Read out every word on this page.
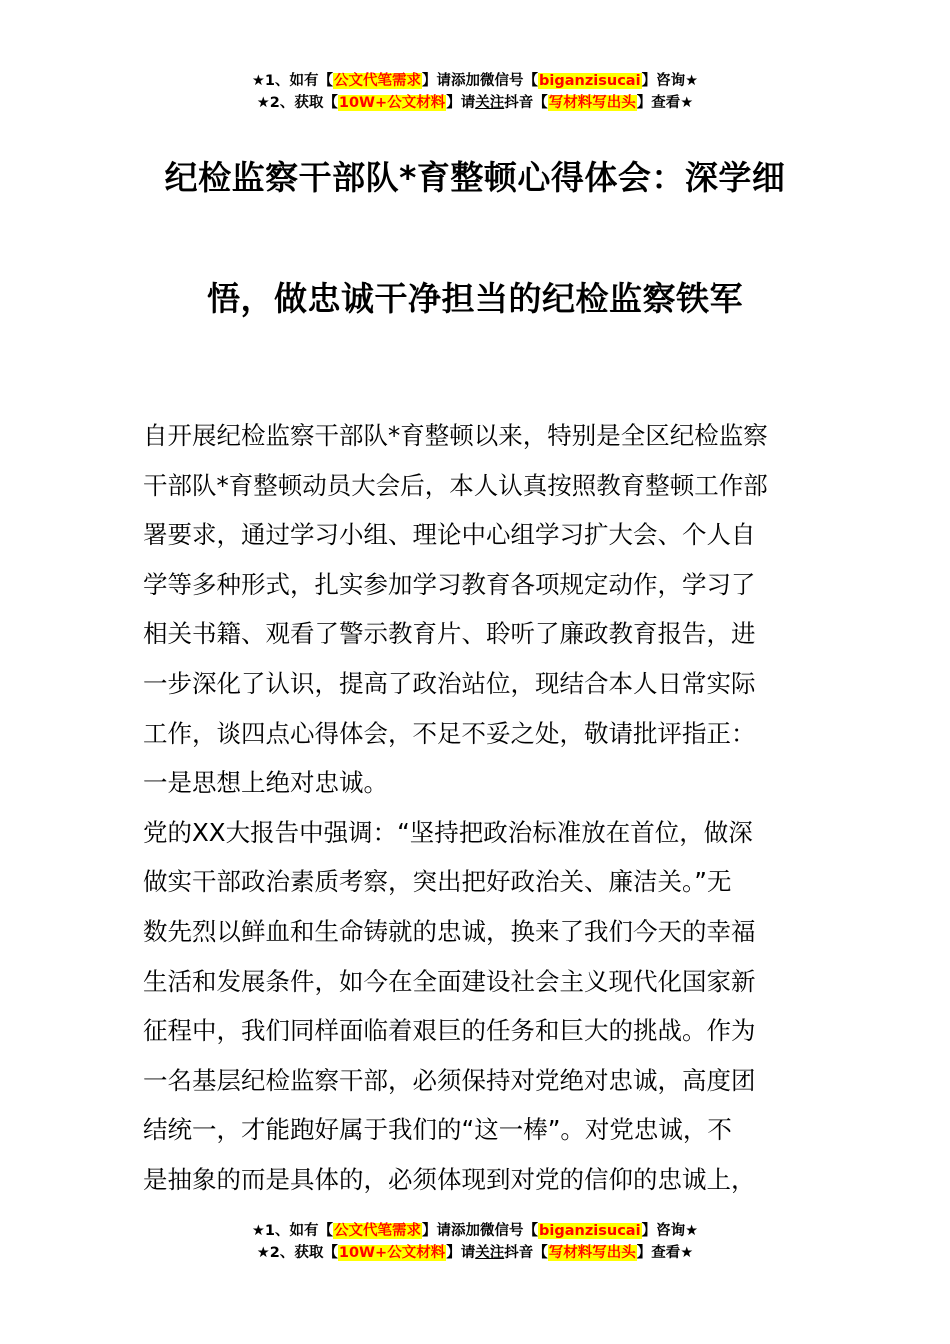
★1、如有【公文代笔需求】请添加微信号【biganzisucai】咨询★
★2、获取【10W+公文材料】请关注抖音【写材料写出头】查看★
纪检监察干部队*育整顿心得体会：深学细
悟，做忠诚干净担当的纪检监察铁军
自开展纪检监察干部队*育整顿以来，特别是全区纪检监察
干部队*育整顿动员大会后，本人认真按照教育整顿工作部
署要求，通过学习小组、理论中心组学习扩大会、个人自
学等多种形式，扎实参加学习教育各项规定动作，学习了
相关书籍、观看了警示教育片、聆听了廉政教育报告，进
一步深化了认识，提高了政治站位，现结合本人日常实际
工作，谈四点心得体会，不足不妥之处，敬请批评指正：
一是思想上绝对忠诚。
党的XX大报告中强调：“坚持把政治标准放在首位，做深
做实干部政治素质考察，突出把好政治关、廉洁关。”无
数先烈以鲜血和生命铸就的忠诚，换来了我们今天的幸福
生活和发展条件，如今在全面建设社会主义现代化国家新
征程中，我们同样面临着艰巨的任务和巨大的挑战。作为
一名基层纪检监察干部，必须保持对党绝对忠诚，高度团
结统一，才能跑好属于我们的“这一棒”。对党忠诚，不
是抽象的而是具体的，必须体现到对党的信仰的忠诚上，
★1、如有【公文代笔需求】请添加微信号【biganzisucai】咨询★
★2、获取【10W+公文材料】请关注抖音【写材料写出头】查看★
